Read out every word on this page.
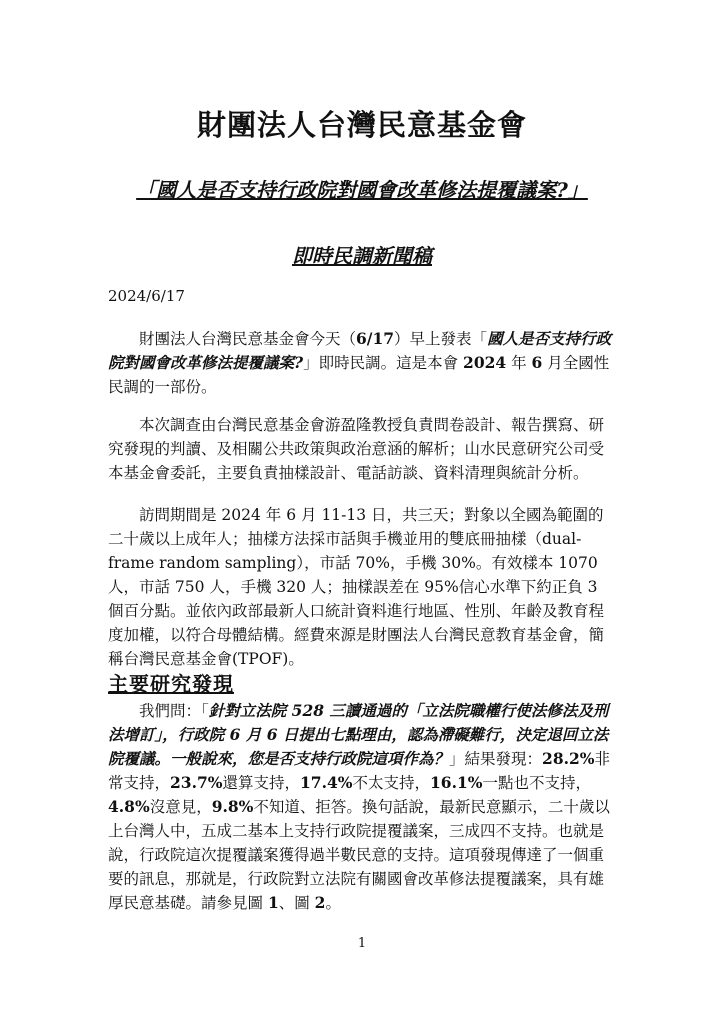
財團法人台灣民意基金會
「國人是否支持行政院對國會改革修法提覆議案?」
即時民調新聞稿
2024/6/17

財團法人台灣民意基金會今天（6/17）早上發表「國人是否支持行政院對國會改革修法提覆議案?」即時民調。這是本會 2024 年 6 月全國性民調的一部份。

本次調查由台灣民意基金會游盈隆教授負責問卷設計、報告撰寫、研究發現的判讀、及相關公共政策與政治意涵的解析；山水民意研究公司受本基金會委託，主要負責抽樣設計、電話訪談、資料清理與統計分析。

訪問期間是 2024 年 6 月 11-13 日，共三天；對象以全國為範圍的二十歲以上成年人；抽樣方法採市話與手機並用的雙底冊抽樣（dual-frame random sampling），市話 70%，手機 30%。有效樣本 1070 人，市話 750 人，手機 320 人；抽樣誤差在 95%信心水準下約正負 3 個百分點。並依內政部最新人口統計資料進行地區、性別、年齡及教育程度加權，以符合母體結構。經費來源是財團法人台灣民意教育基金會，簡稱台灣民意基金會(TPOF)。

主要研究發現

我們問：「針對立法院 528 三讀通過的「立法院職權行使法修法及刑法增訂」，行政院 6 月 6 日提出七點理由，認為滯礙難行，決定退回立法院覆議。一般說來，您是否支持行政院這項作為？」結果發現：28.2%非常支持，23.7%還算支持，17.4%不太支持，16.1%一點也不支持，4.8%沒意見，9.8%不知道、拒答。換句話說，最新民意顯示，二十歲以上台灣人中，五成二基本上支持行政院提覆議案，三成四不支持。也就是說，行政院這次提覆議案獲得過半數民意的支持。這項發現傳達了一個重要的訊息，那就是，行政院對立法院有關國會改革修法提覆議案，具有雄厚民意基礎。請參見圖 1、圖 2。

1
